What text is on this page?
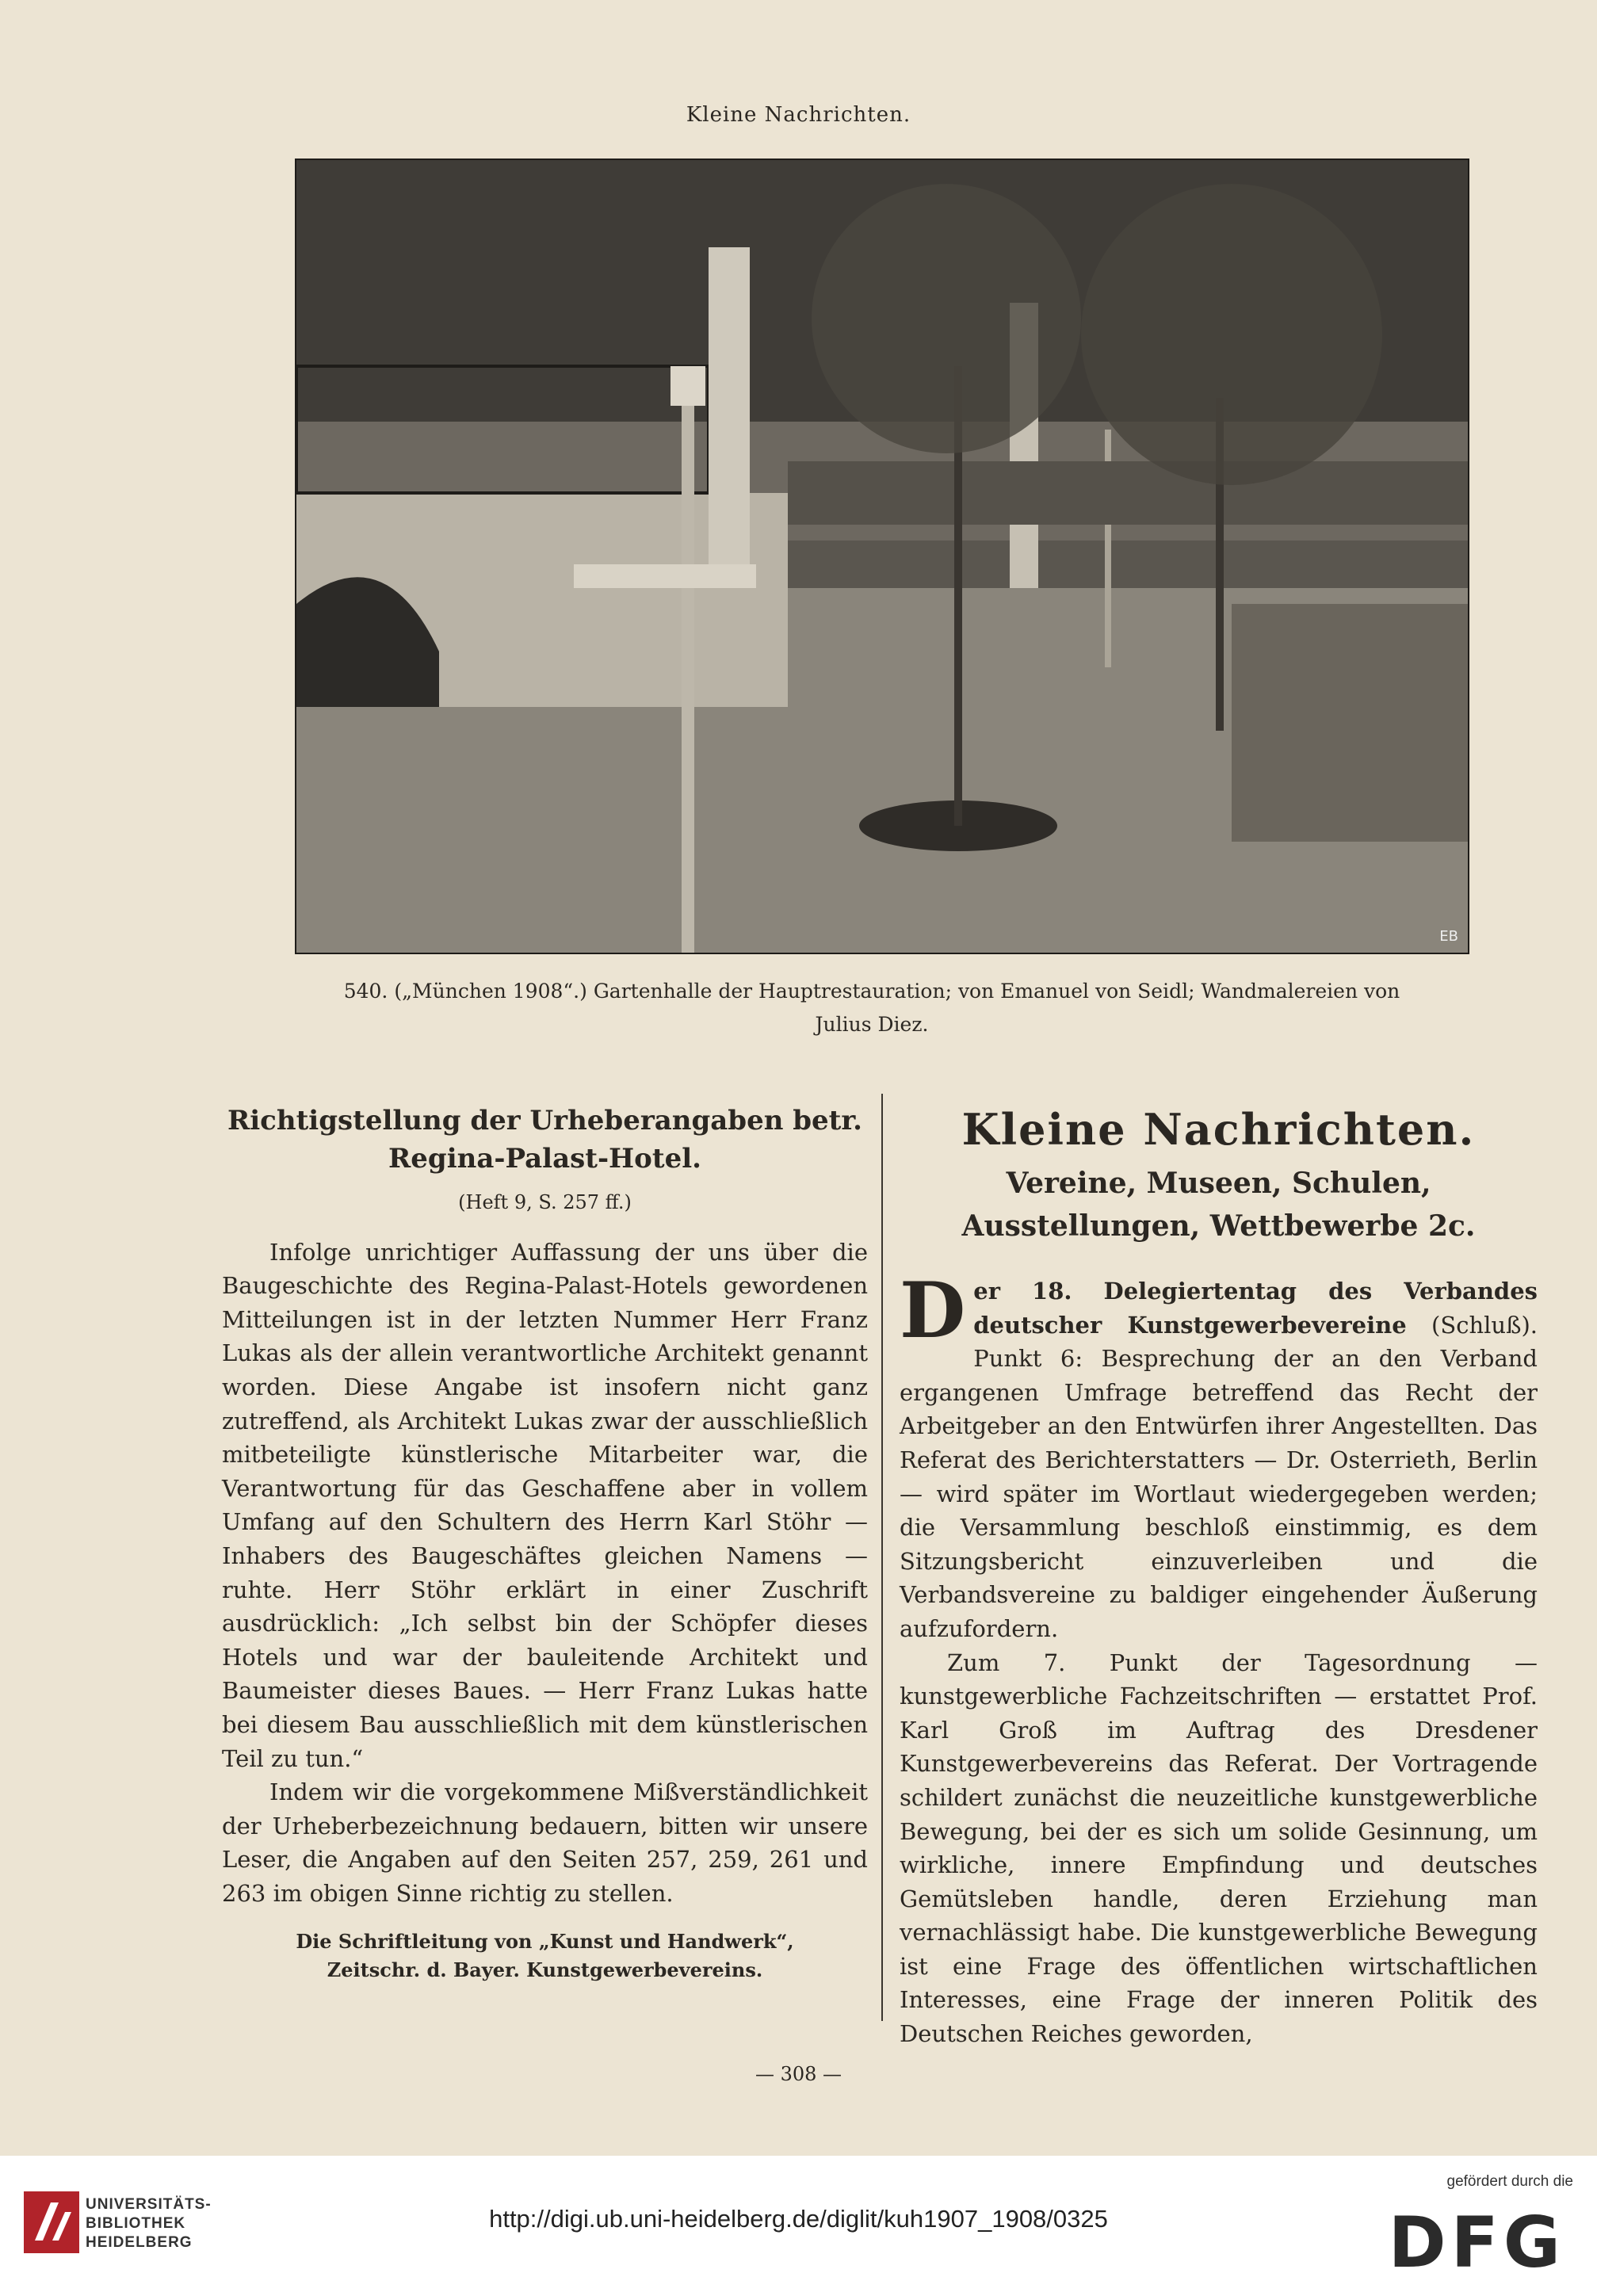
Kleine Nachrichten.
EB
540. („München 1908“.) Gartenhalle der Hauptrestauration; von Emanuel von Seidl; Wandmalereien von
Julius Diez.

Richtigstellung der Urheberangaben betr. Regina-Palast-Hotel.

(Heft 9, S. 257 ff.)

Infolge unrichtiger Auffassung der uns über die Baugeschichte des Regina-Palast-Hotels gewordenen Mitteilungen ist in der letzten Nummer Herr Franz Lukas als der allein verantwortliche Architekt genannt worden. Diese Angabe ist insofern nicht ganz zutreffend, als Architekt Lukas zwar der ausschließlich mitbeteiligte künstlerische Mitarbeiter war, die Verantwortung für das Geschaffene aber in vollem Umfang auf den Schultern des Herrn Karl Stöhr — Inhabers des Baugeschäftes gleichen Namens — ruhte. Herr Stöhr erklärt in einer Zuschrift ausdrücklich: „Ich selbst bin der Schöpfer dieses Hotels und war der bauleitende Architekt und Baumeister dieses Baues. — Herr Franz Lukas hatte bei diesem Bau ausschließlich mit dem künstlerischen Teil zu tun.“

Indem wir die vorgekommene Mißverständlichkeit der Urheberbezeichnung bedauern, bitten wir unsere Leser, die Angaben auf den Seiten 257, 259, 261 und 263 im obigen Sinne richtig zu stellen.

Die Schriftleitung von „Kunst und Handwerk“,
Zeitschr. d. Bayer. Kunstgewerbevereins.

Kleine Nachrichten.

Vereine, Museen, Schulen, Ausstellungen, Wettbewerbe 2c.

Der 18. Delegiertentag des Verbandes deutscher Kunstgewerbevereine (Schluß). Punkt 6: Besprechung der an den Verband ergangenen Umfrage betreffend das Recht der Arbeitgeber an den Entwürfen ihrer Angestellten. Das Referat des Berichterstatters — Dr. Osterrieth, Berlin — wird später im Wortlaut wiedergegeben werden; die Versammlung beschloß einstimmig, es dem Sitzungsbericht einzuverleiben und die Verbandsvereine zu baldiger eingehender Äußerung aufzufordern.

Zum 7. Punkt der Tagesordnung — kunstgewerbliche Fachzeitschriften — erstattet Prof. Karl Groß im Auftrag des Dresdener Kunstgewerbevereins das Referat. Der Vortragende schildert zunächst die neuzeitliche kunstgewerbliche Bewegung, bei der es sich um solide Gesinnung, um wirkliche, innere Empfindung und deutsches Gemütsleben handle, deren Erziehung man vernachlässigt habe. Die kunstgewerbliche Bewegung ist eine Frage des öffentlichen wirtschaftlichen Interesses, eine Frage der inneren Politik des Deutschen Reiches geworden,

— 308 —
UNIVERSITÄTS-
BIBLIOTHEK
HEIDELBERG
http://digi.ub.uni-heidelberg.de/diglit/kuh1907_1908/0325
gefördert durch die
DFG
